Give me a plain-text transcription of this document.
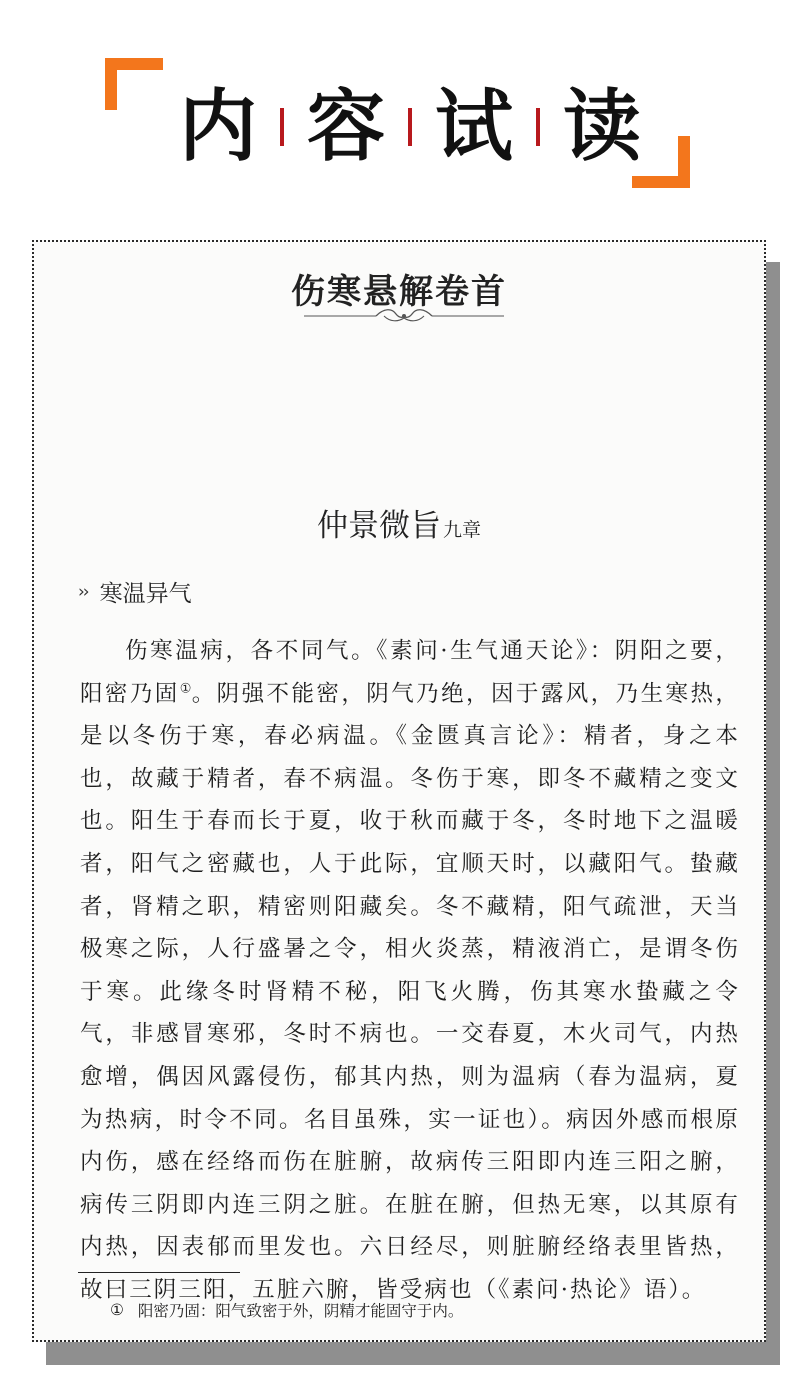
内 容 试 读
伤寒悬解卷首
仲景微旨 九章
›› 寒温异气

伤寒温病，各不同气。《素问·生气通天论》：阴阳之要，阳密乃固①。阴强不能密，阴气乃绝，因于露风，乃生寒热，是以冬伤于寒，春必病温。《金匮真言论》：精者，身之本也，故藏于精者，春不病温。冬伤于寒，即冬不藏精之变文也。阳生于春而长于夏，收于秋而藏于冬，冬时地下之温暖者，阳气之密藏也，人于此际，宜顺天时，以藏阳气。蛰藏者，肾精之职，精密则阳藏矣。冬不藏精，阳气疏泄，天当极寒之际，人行盛暑之令，相火炎蒸，精液消亡，是谓冬伤于寒。此缘冬时肾精不秘，阳飞火腾，伤其寒水蛰藏之令气，非感冒寒邪，冬时不病也。一交春夏，木火司气，内热愈增，偶因风露侵伤，郁其内热，则为温病（春为温病，夏为热病，时令不同。名目虽殊，实一证也）。病因外感而根原内伤，感在经络而伤在脏腑，故病传三阳即内连三阳之腑，病传三阴即内连三阴之脏。在脏在腑，但热无寒，以其原有内热，因表郁而里发也。六日经尽，则脏腑经络表里皆热，故曰三阴三阳，五脏六腑，皆受病也（《素问·热论》语）。

① 阳密乃固：阳气致密于外，阴精才能固守于内。
